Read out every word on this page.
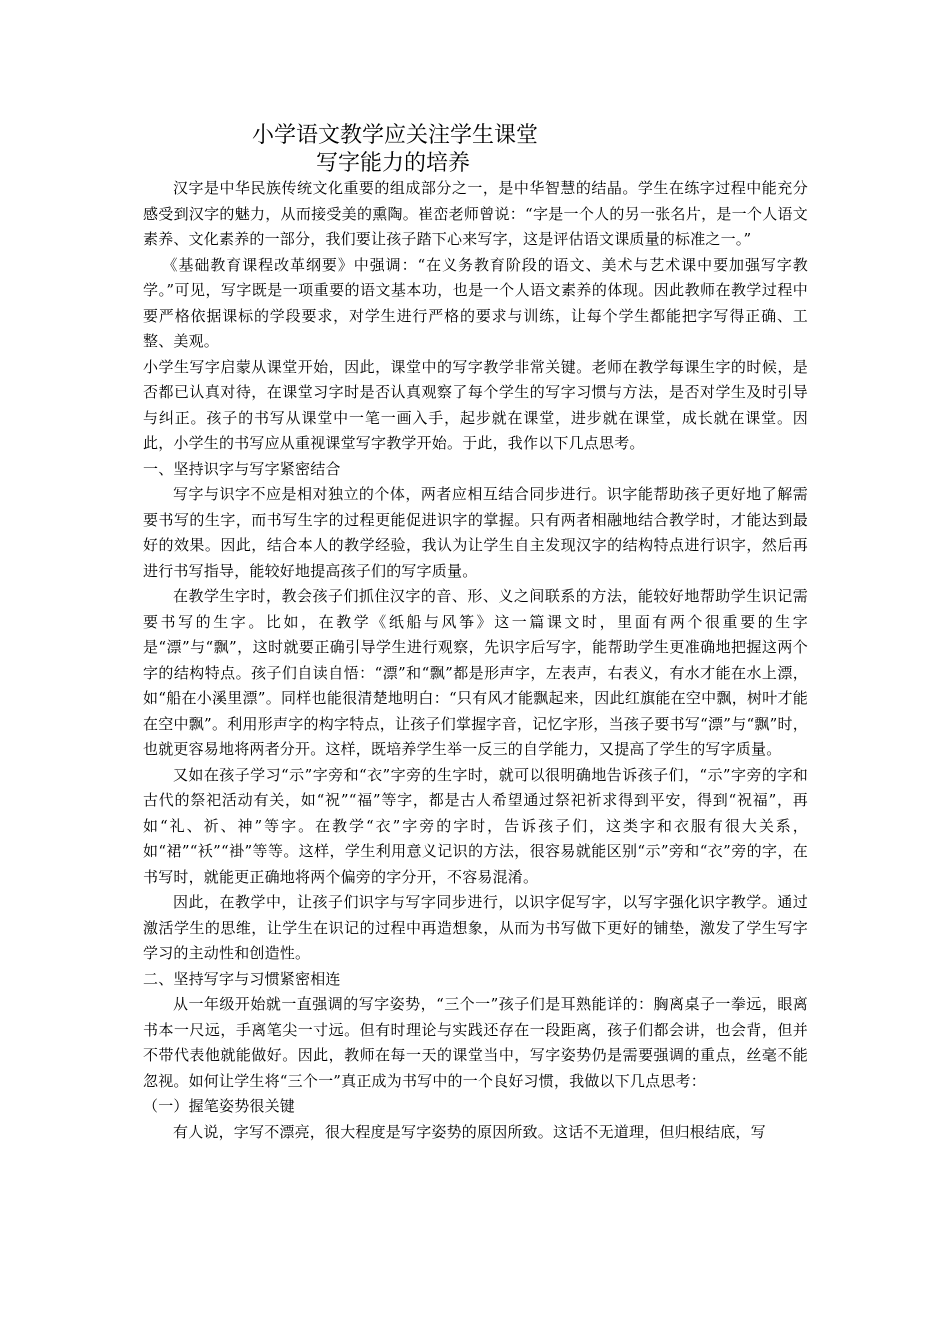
小学语文教学应关注学生课堂
写字能力的培养

汉字是中华民族传统文化重要的组成部分之一，是中华智慧的结晶。学生在练字过程中能充分感受到汉字的魅力，从而接受美的熏陶。崔峦老师曾说：“字是一个人的另一张名片，是一个人语文素养、文化素养的一部分，我们要让孩子踏下心来写字，这是评估语文课质量的标准之一。”

《基础教育课程改革纲要》中强调：“在义务教育阶段的语文、美术与艺术课中要加强写字教学。”可见，写字既是一项重要的语文基本功，也是一个人语文素养的体现。因此教师在教学过程中要严格依据课标的学段要求，对学生进行严格的要求与训练，让每个学生都能把字写得正确、工整、美观。

小学生写字启蒙从课堂开始，因此，课堂中的写字教学非常关键。老师在教学每课生字的时候，是否都已认真对待，在课堂习字时是否认真观察了每个学生的写字习惯与方法，是否对学生及时引导与纠正。孩子的书写从课堂中一笔一画入手，起步就在课堂，进步就在课堂，成长就在课堂。因此，小学生的书写应从重视课堂写字教学开始。于此，我作以下几点思考。

一、坚持识字与写字紧密结合

写字与识字不应是相对独立的个体，两者应相互结合同步进行。识字能帮助孩子更好地了解需要书写的生字，而书写生字的过程更能促进识字的掌握。只有两者相融地结合教学时，才能达到最好的效果。因此，结合本人的教学经验，我认为让学生自主发现汉字的结构特点进行识字，然后再进行书写指导，能较好地提高孩子们的写字质量。

在教学生字时，教会孩子们抓住汉字的音、形、义之间联系的方法，能较好地帮助学生识记需要书写的生字。比如，在教学《纸船与风筝》这一篇课文时，里面有两个很重要的生字是“漂”与“飘”，这时就要正确引导学生进行观察，先识字后写字，能帮助学生更准确地把握这两个字的结构特点。孩子们自读自悟：“漂”和“飘”都是形声字，左表声，右表义，有水才能在水上漂，如“船在小溪里漂”。同样也能很清楚地明白：“只有风才能飘起来，因此红旗能在空中飘，树叶才能在空中飘”。利用形声字的构字特点，让孩子们掌握字音，记忆字形，当孩子要书写“漂”与“飘”时，也就更容易地将两者分开。这样，既培养学生举一反三的自学能力，又提高了学生的写字质量。

又如在孩子学习“示”字旁和“衣”字旁的生字时，就可以很明确地告诉孩子们，“示”字旁的字和古代的祭祀活动有关，如“祝”“福”等字，都是古人希望通过祭祀祈求得到平安，得到“祝福”，再如“礼、祈、神”等字。在教学“衣”字旁的字时，告诉孩子们，这类字和衣服有很大关系，如“裙”“袄”“褂”等等。这样，学生利用意义记识的方法，很容易就能区别“示”旁和“衣”旁的字，在书写时，就能更正确地将两个偏旁的字分开，不容易混淆。

因此，在教学中，让孩子们识字与写字同步进行，以识字促写字，以写字强化识字教学。通过激活学生的思维，让学生在识记的过程中再造想象，从而为书写做下更好的铺垫，激发了学生写字学习的主动性和创造性。

二、坚持写字与习惯紧密相连

从一年级开始就一直强调的写字姿势，“三个一”孩子们是耳熟能详的：胸离桌子一拳远，眼离书本一尺远，手离笔尖一寸远。但有时理论与实践还存在一段距离，孩子们都会讲，也会背，但并不带代表他就能做好。因此，教师在每一天的课堂当中，写字姿势仍是需要强调的重点，丝毫不能忽视。如何让学生将“三个一”真正成为书写中的一个良好习惯，我做以下几点思考：

（一）握笔姿势很关键

有人说，字写不漂亮，很大程度是写字姿势的原因所致。这话不无道理，但归根结底，写
